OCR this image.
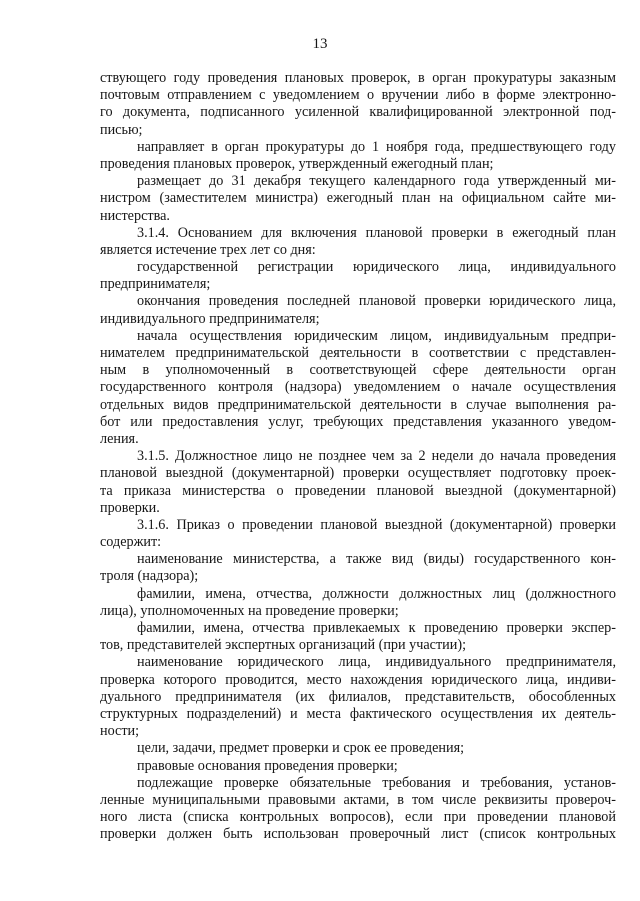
13
ствующего году проведения плановых проверок, в орган прокуратуры заказным
почтовым отправлением с уведомлением о вручении либо в форме электронно-
го документа, подписанного усиленной квалифицированной электронной под-
писью;
направляет в орган прокуратуры до 1 ноября года, предшествующего году
проведения плановых проверок, утвержденный ежегодный план;
размещает до 31 декабря текущего календарного года утвержденный ми-
нистром (заместителем министра) ежегодный план на официальном сайте ми-
нистерства.
3.1.4. Основанием для включения плановой проверки в ежегодный план
является истечение трех лет со дня:
государственной регистрации юридического лица, индивидуального
предпринимателя;
окончания проведения последней плановой проверки юридического лица,
индивидуального предпринимателя;
начала осуществления юридическим лицом, индивидуальным предпри-
нимателем предпринимательской деятельности в соответствии с представлен-
ным в уполномоченный в соответствующей сфере деятельности орган
государственного контроля (надзора) уведомлением о начале осуществления
отдельных видов предпринимательской деятельности в случае выполнения ра-
бот или предоставления услуг, требующих представления указанного уведом-
ления.
3.1.5. Должностное лицо не позднее чем за 2 недели до начала проведения
плановой выездной (документарной) проверки осуществляет подготовку проек-
та приказа министерства о проведении плановой выездной (документарной)
проверки.
3.1.6. Приказ о проведении плановой выездной (документарной) проверки
содержит:
наименование министерства, а также вид (виды) государственного кон-
троля (надзора);
фамилии, имена, отчества, должности должностных лиц (должностного
лица), уполномоченных на проведение проверки;
фамилии, имена, отчества привлекаемых к проведению проверки экспер-
тов, представителей экспертных организаций (при участии);
наименование юридического лица, индивидуального предпринимателя,
проверка которого проводится, место нахождения юридического лица, индиви-
дуального предпринимателя (их филиалов, представительств, обособленных
структурных подразделений) и места фактического осуществления их деятель-
ности;
цели, задачи, предмет проверки и срок ее проведения;
правовые основания проведения проверки;
подлежащие проверке обязательные требования и требования, установ-
ленные муниципальными правовыми актами, в том числе реквизиты провероч-
ного листа (списка контрольных вопросов), если при проведении плановой
проверки должен быть использован проверочный лист (список контрольных
